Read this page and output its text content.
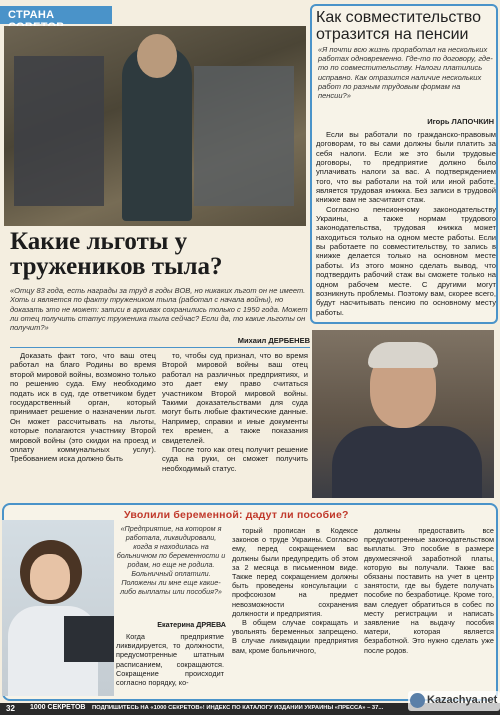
СТРАНА	Как совместительство отразится на пенсии
«Я почти всю жизнь проработал на нескольких работах одновременно. Где-то по договору, где-то по совместительству. Налоги платились исправно. Как отразится наличие нескольких работ по разным трудовым формам на пенсии?»
Игорь ЛАПОЧКИН

Если вы работали по гражданско-правовым договорам, то вы сами должны были платить за себя налоги. Если же это были трудовые договоры, то предприятие должно было уплачивать налоги за вас. А подтверждением того, что вы работали на той или иной работе, является трудовая книжка. Без записи в трудовой книжке вам не засчитают стаж.

Согласно пенсионному законодательству Украины, а также нормам трудового законодательства, трудовая книжка может находиться только на одном месте работы. Если вы работаете по совместительству, то запись в книжке делается только на основном месте работы. Из этого можно сделать вывод, что подтвердить рабочий стаж вы сможете только на одном рабочем месте. С другими могут возникнуть проблемы. Поэтому вам, скорее всего, будут насчитывать пенсию по основному месту работы.

Какие льготы у тружеников тыла?
«Отцу 83 года, есть награды за труд в годы ВОВ, но никаких льгот он не имеет. Хоть и является по факту тружеником тыла (работал с начала войны), но доказать это не может: записи в архивах сохранились только с 1950 года. Может ли отец получить статус труженика тыла сейчас? Если да, то какие льготы он получит?»
Михаил ДЕРБЕНЕВ

Доказать факт того, что ваш отец работал на благо Родины во время второй мировой войны, возможно только по решению суда. Ему необходимо подать иск в суд, где ответчиком будет государственный орган, который принимает решение о назначении льгот. Он может рассчитывать на льготы, которые полагаются участнику Второй мировой войны (это скидки на проезд и оплату коммунальных услуг). Требованием иска должно быть

то, чтобы суд признал, что во время Второй мировой войны ваш отец работал на различных предприятиях, и это дает ему право считаться участником Второй мировой войны. Такими доказательствами для суда могут быть любые фактические данные. Например, справки и иные документы тех времен, а также показания свидетелей.

После того как отец получит решение суда на руки, он сможет получить необходимый статус.

Уволили беременной: дадут ли пособие?
«Предприятие, на котором я работала, ликвидировали, когда я находилась на больничном по беременности и родам, но еще не родила. Больничный оплатили. Положены ли мне еще какие-либо выплаты или пособия?»
Екатерина ДРЯЕВА

Когда предприятие ликвидируется, то должности, предусмотренные штатным расписанием, сокращаются. Сокращение происходит согласно порядку, ко-

торый прописан в Кодексе законов о труде Украины. Согласно ему, перед сокращением вас должны были предупредить об этом за 2 месяца в письменном виде. Также перед сокращением должны быть проведены консультации с профсоюзом на предмет невозможности сохранения должности и предприятия.

В общем случае сокращать и увольнять беременных запрещено. В случае ликвидации предприятия вам, кроме больничного,

должны предоставить все предусмотренные законодательством выплаты. Это пособие в размере двухмесячной заработной платы, которую вы получали. Также вас обязаны поставить на учет в центр занятости, где вы будете получать пособие по безработице. Кроме того, вам следует обратиться в собес по месту регистрации и написать заявление на выдачу пособия матери, которая является безработной. Это нужно сделать уже после родов.

32 1000 СЕКРЕТОВ ПОДПИШИТЕСЬ НА «1000 СЕКРЕТОВ»! ИНДЕКС ПО КАТАЛОГУ ИЗДАНИЙ УКРАИНЫ «ПРЕССА» – 37...
Kazachya.net
